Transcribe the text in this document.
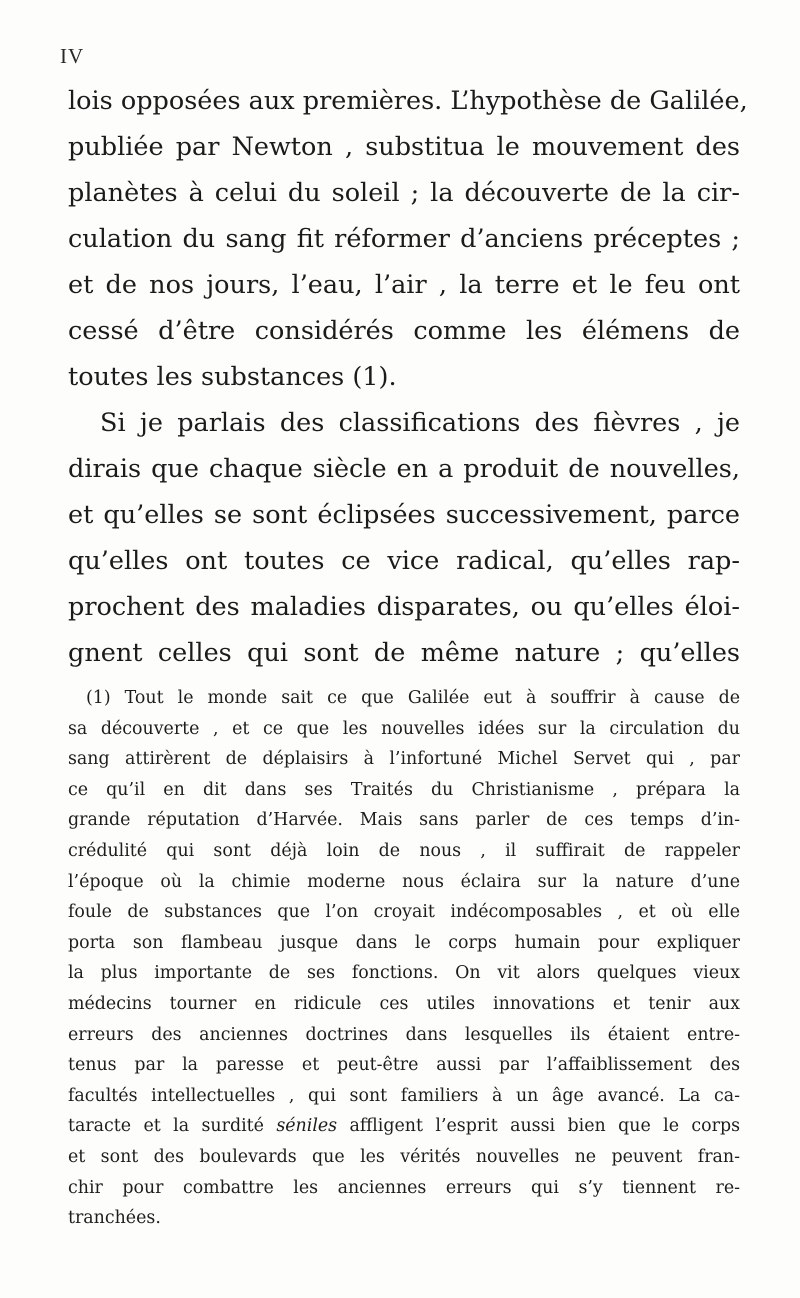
IV
lois opposées aux premières. L’hypothèse de Galilée,
publiée par Newton , substitua le mouvement des
planètes à celui du soleil ; la découverte de la cir-
culation du sang fit réformer d’anciens préceptes ;
et de nos jours, l’eau, l’air , la terre et le feu ont
cessé d’être considérés comme les élémens de
toutes les substances (1).
Si je parlais des classifications des fièvres , je
dirais que chaque siècle en a produit de nouvelles,
et qu’elles se sont éclipsées successivement, parce
qu’elles ont toutes ce vice radical, qu’elles rap-
prochent des maladies disparates, ou qu’elles éloi-
gnent celles qui sont de même nature ; qu’elles
(1) Tout le monde sait ce que Galilée eut à souffrir à cause de
sa découverte , et ce que les nouvelles idées sur la circulation du
sang attirèrent de déplaisirs à l’infortuné Michel Servet qui , par
ce qu’il en dit dans ses Traités du Christianisme , prépara la
grande réputation d’Harvée. Mais sans parler de ces temps d’in-
crédulité qui sont déjà loin de nous , il suffirait de rappeler
l’époque où la chimie moderne nous éclaira sur la nature d’une
foule de substances que l’on croyait indécomposables , et où elle
porta son flambeau jusque dans le corps humain pour expliquer
la plus importante de ses fonctions. On vit alors quelques vieux
médecins tourner en ridicule ces utiles innovations et tenir aux
erreurs des anciennes doctrines dans lesquelles ils étaient entre-
tenus par la paresse et peut-être aussi par l’affaiblissement des
facultés intellectuelles , qui sont familiers à un âge avancé. La ca-
taracte et la surdité séniles affligent l’esprit aussi bien que le corps
et sont des boulevards que les vérités nouvelles ne peuvent fran-
chir pour combattre les anciennes erreurs qui s’y tiennent re-
tranchées.
